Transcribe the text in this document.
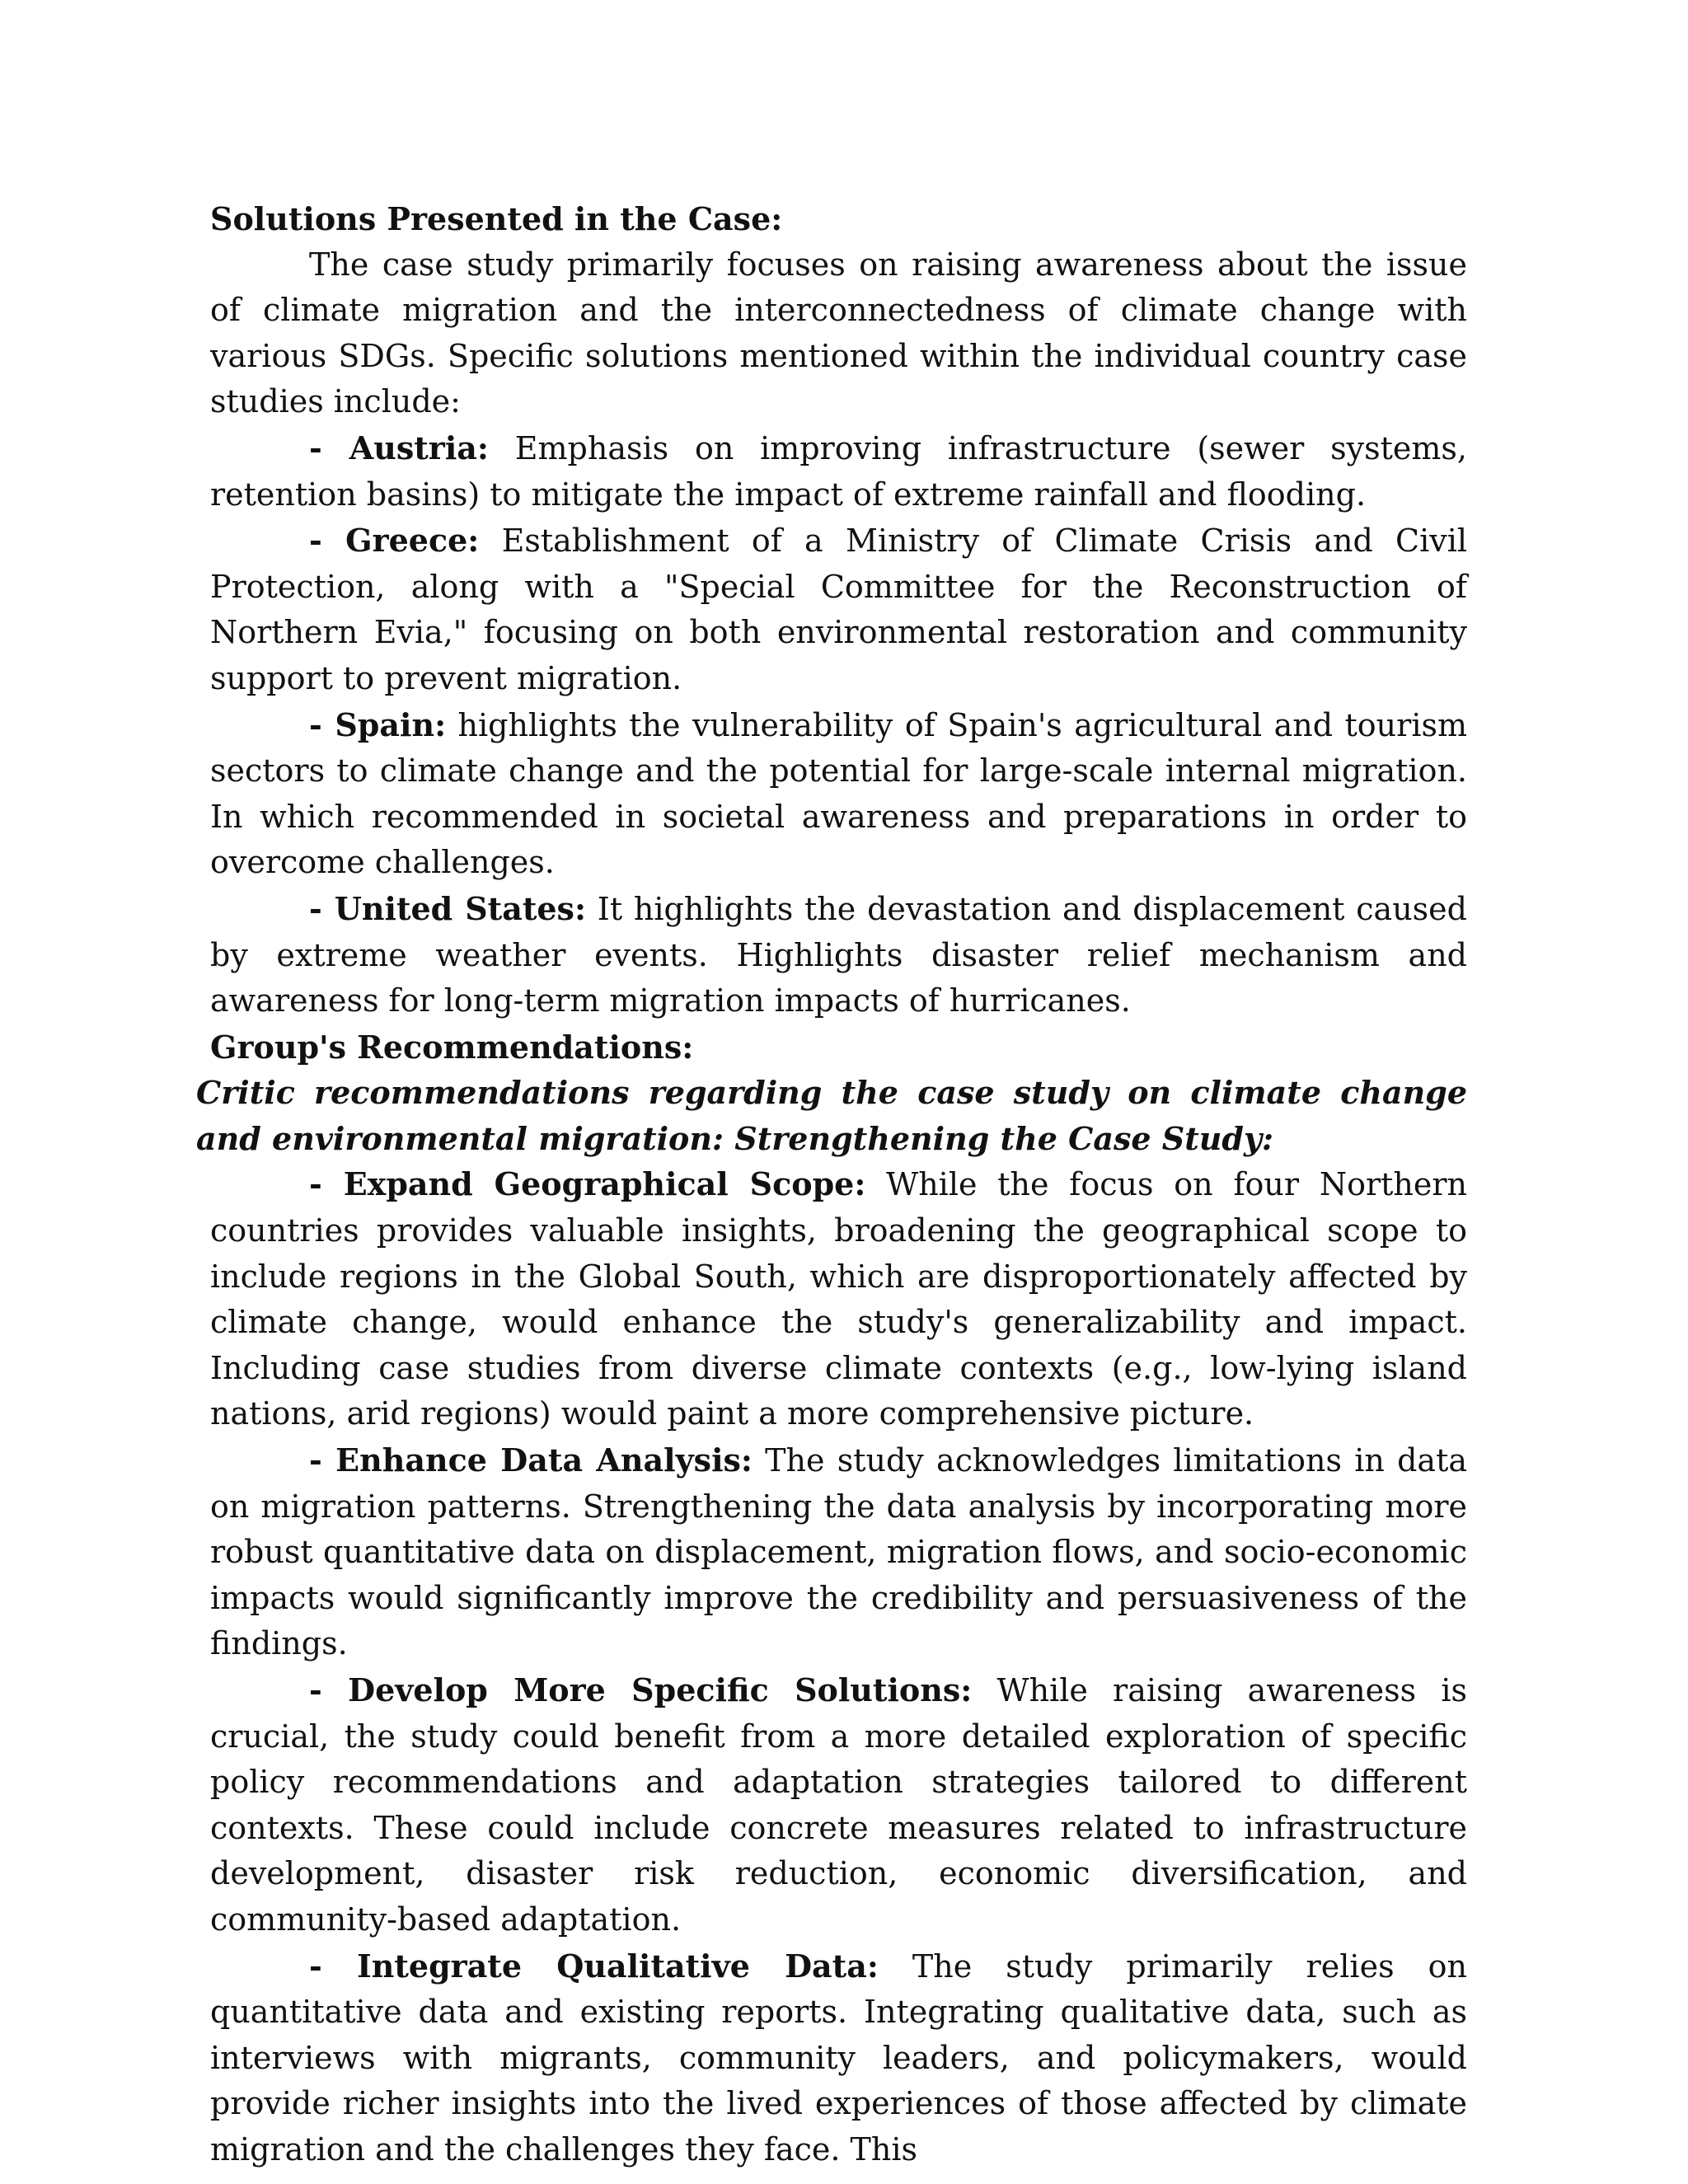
Solutions Presented in the Case:

The case study primarily focuses on raising awareness about the issue of climate migration and the interconnectedness of climate change with various SDGs. Specific solutions mentioned within the individual country case studies include:

- Austria: Emphasis on improving infrastructure (sewer systems, retention basins) to mitigate the impact of extreme rainfall and flooding.

- Greece: Establishment of a Ministry of Climate Crisis and Civil Protection, along with a "Special Committee for the Reconstruction of Northern Evia," focusing on both environmental restoration and community support to prevent migration.

- Spain: highlights the vulnerability of Spain's agricultural and tourism sectors to climate change and the potential for large-scale internal migration. In which recommended in societal awareness and preparations in order to overcome challenges.

- United States: It highlights the devastation and displacement caused by extreme weather events. Highlights disaster relief mechanism and awareness for long-term migration impacts of hurricanes.

Group's Recommendations:

Critic recommendations regarding the case study on climate change and environmental migration: Strengthening the Case Study:

- Expand Geographical Scope: While the focus on four Northern countries provides valuable insights, broadening the geographical scope to include regions in the Global South, which are disproportionately affected by climate change, would enhance the study's generalizability and impact. Including case studies from diverse climate contexts (e.g., low-lying island nations, arid regions) would paint a more comprehensive picture.

- Enhance Data Analysis: The study acknowledges limitations in data on migration patterns. Strengthening the data analysis by incorporating more robust quantitative data on displacement, migration flows, and socio-economic impacts would significantly improve the credibility and persuasiveness of the findings.

- Develop More Specific Solutions: While raising awareness is crucial, the study could benefit from a more detailed exploration of specific policy recommendations and adaptation strategies tailored to different contexts. These could include concrete measures related to infrastructure development, disaster risk reduction, economic diversification, and community-based adaptation.

- Integrate Qualitative Data: The study primarily relies on quantitative data and existing reports. Integrating qualitative data, such as interviews with migrants, community leaders, and policymakers, would provide richer insights into the lived experiences of those affected by climate migration and the challenges they face. This
